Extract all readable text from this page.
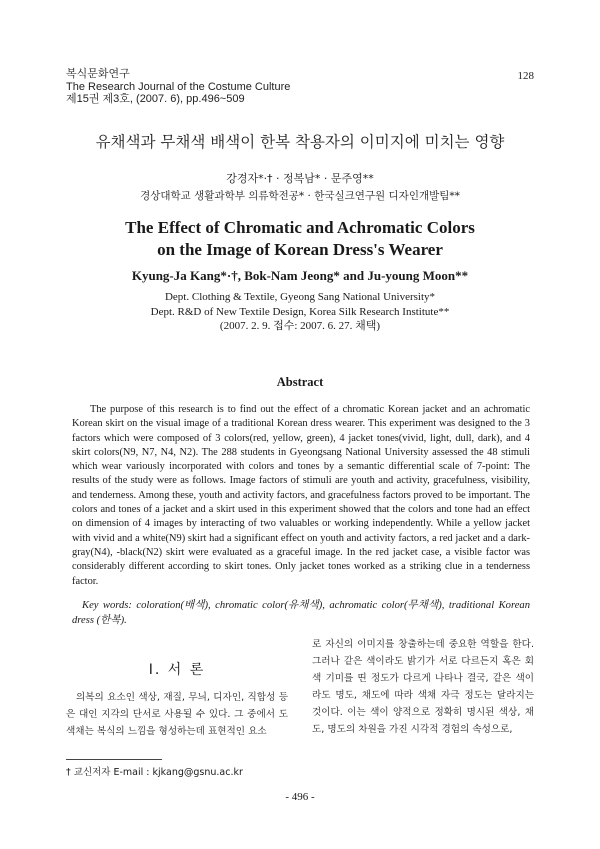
복식문화연구
The Research Journal of the Costume Culture
제15권 제3호, (2007. 6), pp.496~509
128
유채색과 무채색 배색이 한복 착용자의 이미지에 미치는 영향
강경자*·† · 정복남* · 문주영**
경상대학교 생활과학부 의류학전공* · 한국실크연구원 디자인개발팀**
The Effect of Chromatic and Achromatic Colors
on the Image of Korean Dress's Wearer
Kyung-Ja Kang*·†, Bok-Nam Jeong* and Ju-young Moon**
Dept. Clothing & Textile, Gyeong Sang National University*
Dept. R&D of New Textile Design, Korea Silk Research Institute**
(2007. 2. 9. 접수: 2007. 6. 27. 채택)
Abstract

The purpose of this research is to find out the effect of a chromatic Korean jacket and an achromatic Korean skirt on the visual image of a traditional Korean dress wearer. This experiment was designed to the 3 factors which were composed of 3 colors(red, yellow, green), 4 jacket tones(vivid, light, dull, dark), and 4 skirt colors(N9, N7, N4, N2). The 288 students in Gyeongsang National University assessed the 48 stimuli which wear variously incorporated with colors and tones by a semantic differential scale of 7-point: The results of the study were as follows. Image factors of stimuli are youth and activity, gracefulness, visibility, and tenderness. Among these, youth and activity factors, and gracefulness factors proved to be important. The colors and tones of a jacket and a skirt used in this experiment showed that the colors and tone had an effect on dimension of 4 images by interacting of two valuables or working independently. While a yellow jacket with vivid and a white(N9) skirt had a significant effect on youth and activity factors, a red jacket and a dark- gray(N4), -black(N2) skirt were evaluated as a graceful image. In the red jacket case, a visible factor was considerably different according to skirt tones. Only jacket tones worked as a striking clue in a tenderness factor.

Key words: coloration(배색), chromatic color(유채색), achromatic color(무채색), traditional Korean dress (한복).
Ⅰ. 서 론

의복의 요소인 색상, 재질, 무늬, 디자인, 직합성 등은 대인 지각의 단서로 사용될 수 있다. 그 중에서 도 색채는 복식의 느낌을 형성하는데 표현적인 요소

로 자신의 이미지를 창출하는데 중요한 역할을 한다. 그러나 같은 색이라도 밝기가 서로 다르든지 혹은 회색 기미를 띤 정도가 다르게 나타나 결국, 같은 색이라도 명도, 채도에 따라 색채 자극 정도는 달라지는 것이다. 이는 색이 양적으로 정확히 명시된 색상, 채도, 명도의 차원을 가진 시각적 경험의 속성으로,

† 교신저자 E-mail : kjkang@gsnu.ac.kr
- 496 -
